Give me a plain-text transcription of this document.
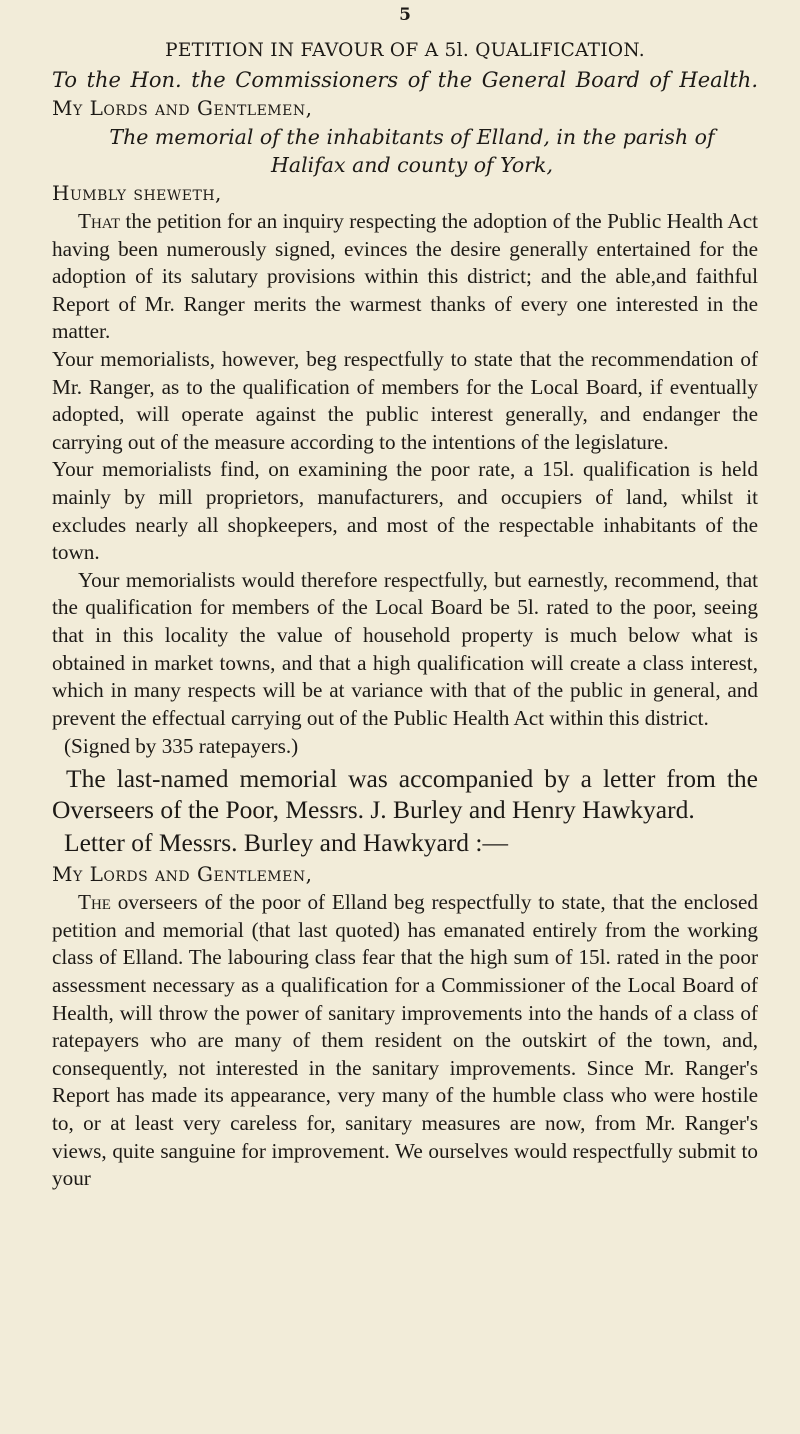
5
PETITION IN FAVOUR OF A 5l. QUALIFICATION.
To the Hon. the Commissioners of the General Board of Health.
My Lords and Gentlemen,
The memorial of the inhabitants of Elland, in the parish of
Halifax and county of York,
Humbly sheweth,

That the petition for an inquiry respecting the adoption of the Public Health Act having been numerously signed, evinces the desire generally entertained for the adoption of its salutary provisions within this district; and the able,and faithful Report of Mr. Ranger merits the warmest thanks of every one interested in the matter.

Your memorialists, however, beg respectfully to state that the recommendation of Mr. Ranger, as to the qualification of members for the Local Board, if eventually adopted, will operate against the public interest generally, and endanger the carrying out of the measure according to the intentions of the legislature.

Your memorialists find, on examining the poor rate, a 15l. qualification is held mainly by mill proprietors, manufacturers, and occupiers of land, whilst it excludes nearly all shopkeepers, and most of the respectable inhabitants of the town.

Your memorialists would therefore respectfully, but earnestly, recommend, that the qualification for members of the Local Board be 5l. rated to the poor, seeing that in this locality the value of household property is much below what is obtained in market towns, and that a high qualification will create a class interest, which in many respects will be at variance with that of the public in general, and prevent the effectual carrying out of the Public Health Act within this district.

(Signed by 335 ratepayers.)

The last-named memorial was accompanied by a letter from the Overseers of the Poor, Messrs. J. Burley and Henry Hawkyard.

Letter of Messrs. Burley and Hawkyard :—
My Lords and Gentlemen,

The overseers of the poor of Elland beg respectfully to state, that the enclosed petition and memorial (that last quoted) has emanated entirely from the working class of Elland. The labouring class fear that the high sum of 15l. rated in the poor assessment necessary as a qualification for a Commissioner of the Local Board of Health, will throw the power of sanitary improvements into the hands of a class of ratepayers who are many of them resident on the outskirt of the town, and, consequently, not interested in the sanitary improvements. Since Mr. Ranger's Report has made its appearance, very many of the humble class who were hostile to, or at least very careless for, sanitary measures are now, from Mr. Ranger's views, quite sanguine for improvement. We ourselves would respectfully submit to your
